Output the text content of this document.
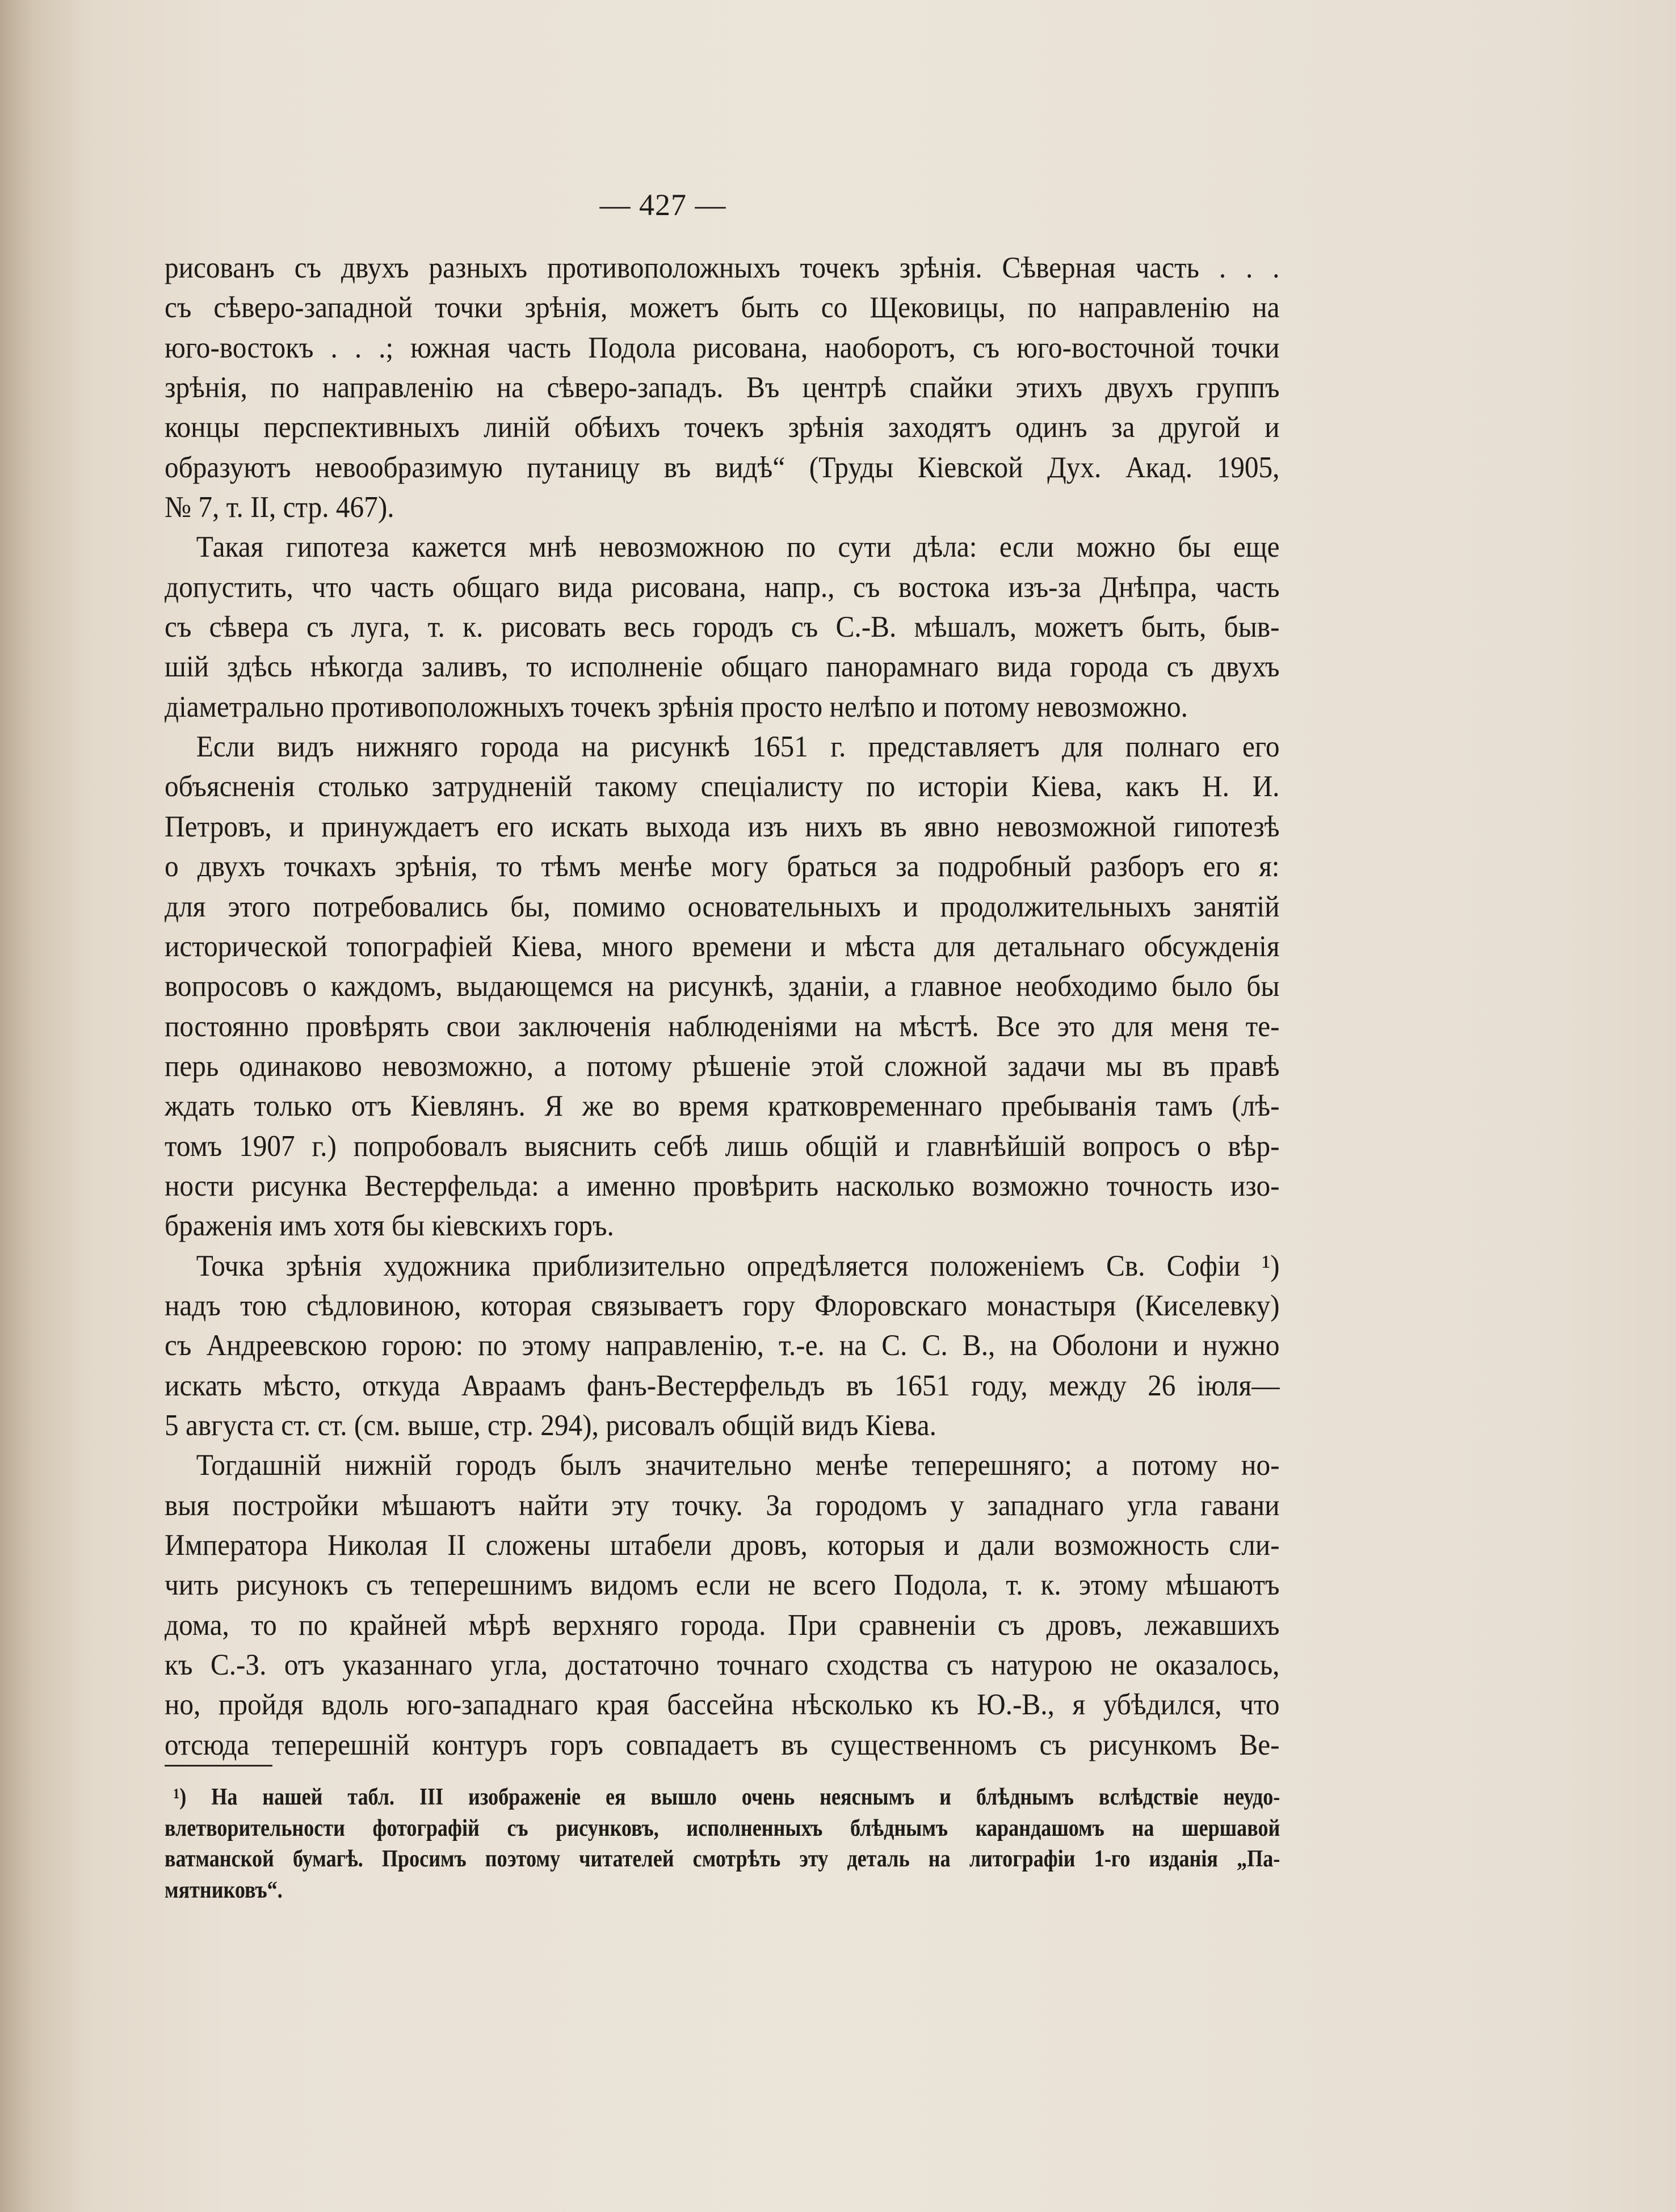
— 427 —
рисованъ съ двухъ разныхъ противоположныхъ точекъ зрѣнія. Сѣверная часть . . .
съ сѣверо-западной точки зрѣнія, можетъ быть со Щековицы, по направленію на
юго-востокъ . . .; южная часть Подола рисована, наоборотъ, съ юго-восточной точки
зрѣнія, по направленію на сѣверо-западъ. Въ центрѣ спайки этихъ двухъ группъ
концы перспективныхъ линій обѣихъ точекъ зрѣнія заходятъ одинъ за другой и
образуютъ невообразимую путаницу въ видѣ“ (Труды Кіевской Дух. Акад. 1905,
№ 7, т. II, стр. 467).
Такая гипотеза кажется мнѣ невозможною по сути дѣла: если можно бы еще
допустить, что часть общаго вида рисована, напр., съ востока изъ-за Днѣпра, часть
съ сѣвера съ луга, т. к. рисовать весь городъ съ С.-В. мѣшалъ, можетъ быть, быв-
шій здѣсь нѣкогда заливъ, то исполненіе общаго панорамнаго вида города съ двухъ
діаметрально противоположныхъ точекъ зрѣнія просто нелѣпо и потому невозможно.
Если видъ нижняго города на рисункѣ 1651 г. представляетъ для полнаго его
объясненія столько затрудненій такому спеціалисту по исторіи Кіева, какъ Н. И.
Петровъ, и принуждаетъ его искать выхода изъ нихъ въ явно невозможной гипотезѣ
о двухъ точкахъ зрѣнія, то тѣмъ менѣе могу браться за подробный разборъ его я:
для этого потребовались бы, помимо основательныхъ и продолжительныхъ занятій
исторической топографіей Кіева, много времени и мѣста для детальнаго обсужденія
вопросовъ о каждомъ, выдающемся на рисункѣ, зданіи, а главное необходимо было бы
постоянно провѣрять свои заключенія наблюденіями на мѣстѣ. Все это для меня те-
перь одинаково невозможно, а потому рѣшеніе этой сложной задачи мы въ правѣ
ждать только отъ Кіевлянъ. Я же во время кратковременнаго пребыванія тамъ (лѣ-
томъ 1907 г.) попробовалъ выяснить себѣ лишь общій и главнѣйшій вопросъ о вѣр-
ности рисунка Вестерфельда: а именно провѣрить насколько возможно точность изо-
браженія имъ хотя бы кіевскихъ горъ.
Точка зрѣнія художника приблизительно опредѣляется положеніемъ Св. Софіи ¹)
надъ тою сѣдловиною, которая связываетъ гору Флоровскаго монастыря (Киселевку)
съ Андреевскою горою: по этому направленію, т.-е. на С. С. В., на Оболони и нужно
искать мѣсто, откуда Авраамъ фанъ-Вестерфельдъ въ 1651 году, между 26 іюля—
5 августа ст. ст. (см. выше, стр. 294), рисовалъ общій видъ Кіева.
Тогдашній нижній городъ былъ значительно менѣе теперешняго; а потому но-
выя постройки мѣшаютъ найти эту точку. За городомъ у западнаго угла гавани
Императора Николая II сложены штабели дровъ, которыя и дали возможность сли-
чить рисунокъ съ теперешнимъ видомъ если не всего Подола, т. к. этому мѣшаютъ
дома, то по крайней мѣрѣ верхняго города. При сравненіи съ дровъ, лежавшихъ
къ С.-З. отъ указаннаго угла, достаточно точнаго сходства съ натурою не оказалось,
но, пройдя вдоль юго-западнаго края бассейна нѣсколько къ Ю.-В., я убѣдился, что
отсюда теперешній контуръ горъ совпадаетъ въ существенномъ съ рисункомъ Ве-
¹) На нашей табл. III изображеніе ея вышло очень неяснымъ и блѣднымъ вслѣдствіе неудо-
влетворительности фотографій съ рисунковъ, исполненныхъ блѣднымъ карандашомъ на шершавой
ватманской бумагѣ. Просимъ поэтому читателей смотрѣть эту деталь на литографіи 1-го изданія „Па-
мятниковъ“.
